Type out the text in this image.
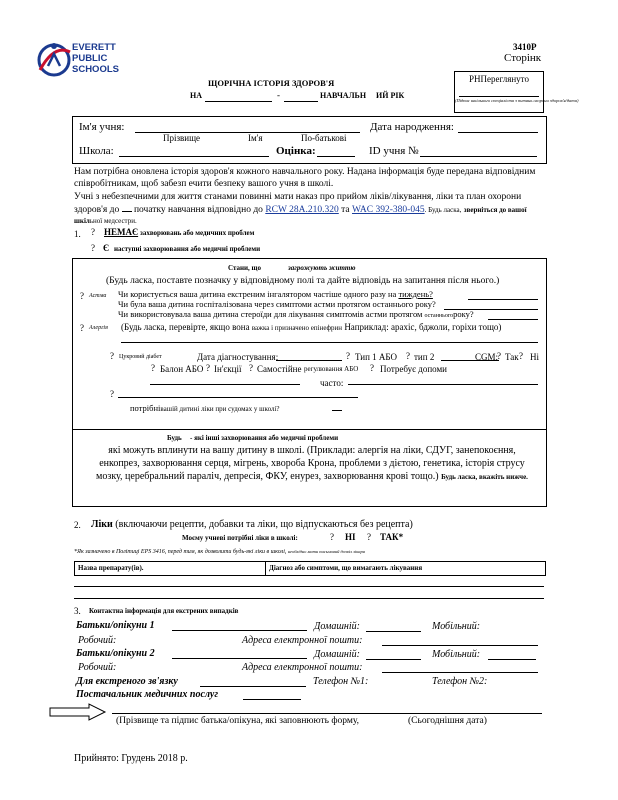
EVERETT PUBLIC SCHOOLS
3410P
Сторінк
РНПереглянуто
(Підпис шкільного спеціаліста з питань охорони здоров'я/дата)
ЩОРІЧНА ІСТОРІЯ ЗДОРОВ'Я
НА	-	НАВЧАЛЬН ИЙ РІК
Ім'я учня:	Дата народження:
Прізвище	Ім'я	По-батькові
Школа:	Оцінка:	ID учня №
Нам потрібна оновлена історія здоров'я кожного навчального року. Надана інформація буде передана відповідним співробітникам, щоб забезп ечити безпеку вашого учня в школі.
Учні з небезпечними для життя станами повинні мати наказ про прийом ліків/лікування, ліки та план охорони здоров'я до початку навчання відповідно до RCW 28A.210.320 та WAC 392-380-045. Будь ласка, зверніться до вашої шкільної медсестри.
1. ? НЕМАЄ захворювань або медичних проблем
? Є наступні захворювання або медичні проблеми
Стани, що	загрожують життю
(Будь ласка, поставте позначку у відповідному полі та дайте відповідь на запитання після нього.)
? Астма Чи користується ваша дитина екстреним інгалятором частіше одного разу на тиждень?
Чи була ваша дитина госпіталізована через симптоми астми протягом останнього року?
Чи використовувала ваша дитина стероїди для лікування симптомів астми протягом останньогороку?
? Алергія (Будь ласка, перевірте, якщо вона важка і призначено епінефрин Наприклад: арахіс, бджоли, горіхи тощо)
? Цукровий діабет	Дата діагностування:	? Тип 1 АБО ? тип 2	CGM:
? Так ? Ні
? Балон АБО ? Ін'єкції ? Самостійне регулювання АБО ? Потребує допоми
часто:
?
потрібнівашій дитині ліки при судомах у школі?
Будь - які інші захворювання або медичні проблеми
які можуть вплинути на вашу дитину в школі. (Приклади: алергія на ліки, СДУГ, занепокоєння, енкопрез, захворювання серця, мігрень, хвороба Крона, проблеми з дієтою, генетика, історія струсу мозку, церебральний параліч, депресія, ФКУ, енурез, захворювання крові тощо.) Будь ласка, вкажіть нижче.
2. Ліки (включаючи рецепти, добавки та ліки, що відпускаються без рецепта)
Моєму учневі потрібні ліки в школі:	? НІ ? ТАК*
*Як зазначено в Політиці EPS 3416, перед тим, як дозволити будь-які ліки в школі, необхідно мати письмовий дозвіл лікаря
Назва препарату(ів).	Діагноз або симптоми, що вимагають лікування
3. Контактна інформація для екстрених випадків
Батьки/опікуни 1	Домашній:	Мобільний:
Робочий:	Адреса електронної пошти:
Батьки/опікуни 2	Домашній:	Мобільний:
Робочий:	Адреса електронної пошти:
Для екстреного зв'язку	Телефон №1:	Телефон №2:
Постачальник медичних послуг
(Прізвище та підпис батька/опікуна, які заповнюють форму,	(Сьогоднішня дата)
Прийнято: Грудень 2018 р.
